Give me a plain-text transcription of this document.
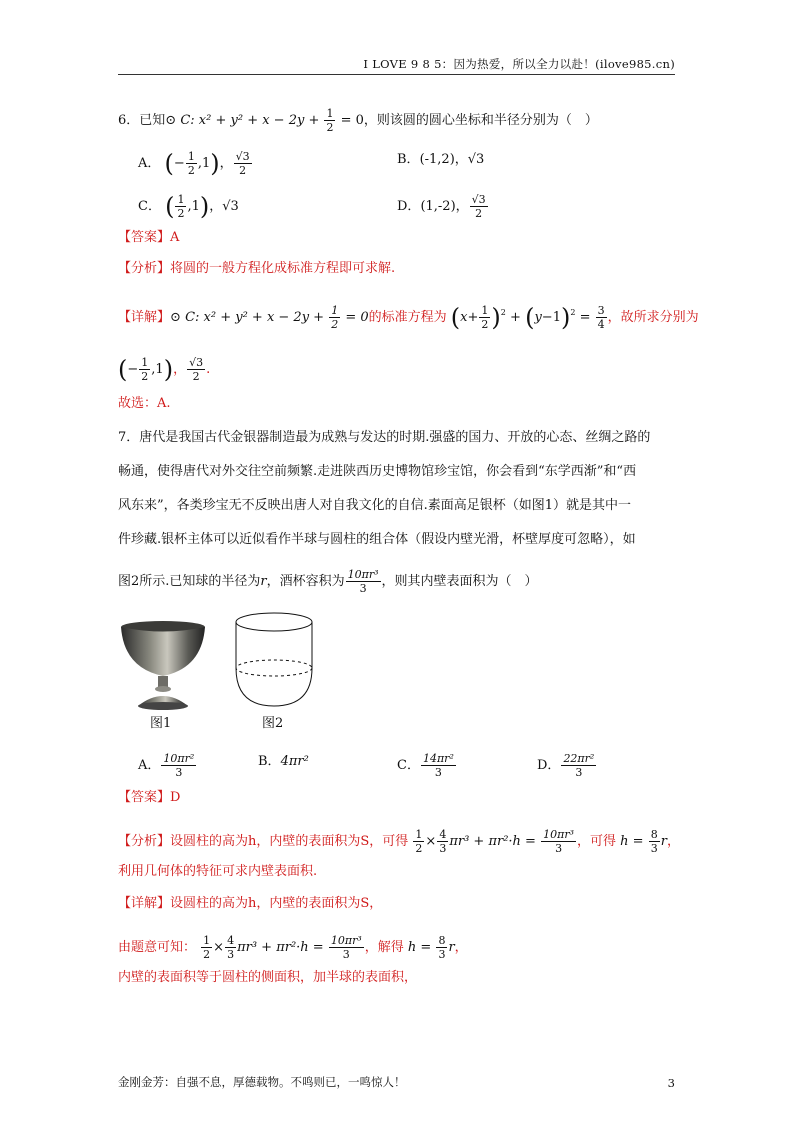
I LOVE 9 8 5：因为热爱，所以全力以赴！(ilove985.cn)
6．已知⊙ C: $x^2 + y^2 + x - 2y + \frac{1}{2} = 0$，则该圆的圆心坐标和半径分别为（　）
A． (− $\frac{1}{2} ,1$)， $\frac{√3}{2}$	B．(‑1,2)，√3
C． ( $\frac{1}{2} ,1$)，√3	D．(1,‑2)， $\frac{√3}{2}$
【答案】A
【分析】将圆的一般方程化成标准方程即可求解.
【详解】⊙ C: $x^2 + y^2 + x - 2y + \frac{1}{2} = 0$的标准方程为 $(x+ \frac{1}{2} )^2 + (y-1)^2 = \frac{3}{4}$ ，故所求分别为
(− $\frac{1}{2} ,1$)， $\frac{√3}{2}$ .
故选：A.
7．唐代是我国古代金银器制造最为成熟与发达的时期.强盛的国力、开放的心态、丝绸之路的
畅通，使得唐代对外交往空前频繁.走进陕西历史博物馆珍宝馆，你会看到“东学西渐”和“西
风东来”，各类珍宝无不反映出唐人对自我文化的自信.素面高足银杯（如图1）就是其中一
件珍藏.银杯主体可以近似看作半球与圆柱的组合体（假设内壁光滑，杯壁厚度可忽略），如
图2所示.已知球的半径为r，酒杯容积为 $\frac{\text{10πr³}}{3}$ ，则其内壁表面积为（　）
图1	图2
A． $\frac{\text{10πr²}}{3}$	B．4πr²	C． $\frac{\text{14πr²}}{3}$	D． $\frac{\text{22πr²}}{3}$
【答案】D
【分析】设圆柱的高为h，内壁的表面积为S，可得 $\frac{1}{2} \times \frac{4}{3} \pi r^3 + \pi r^2\cdot h = \frac{\text{10πr³}}{3}$ ，可得 $h = \frac{8}{3}$ r，
利用几何体的特征可求内壁表面积.
【详解】设圆柱的高为h，内壁的表面积为S，
由题意可知： $\frac{1}{2} \times \frac{4}{3} \pi r^3 + \pi r^2\cdot h = \frac{\text{10πr³}}{3}$ ，解得 $h = \frac{8}{3}$ r，
内壁的表面积等于圆柱的侧面积，加半球的表面积，
金刚金芳：自强不息，厚德载物。不鸣则已，一鸣惊人！	3
